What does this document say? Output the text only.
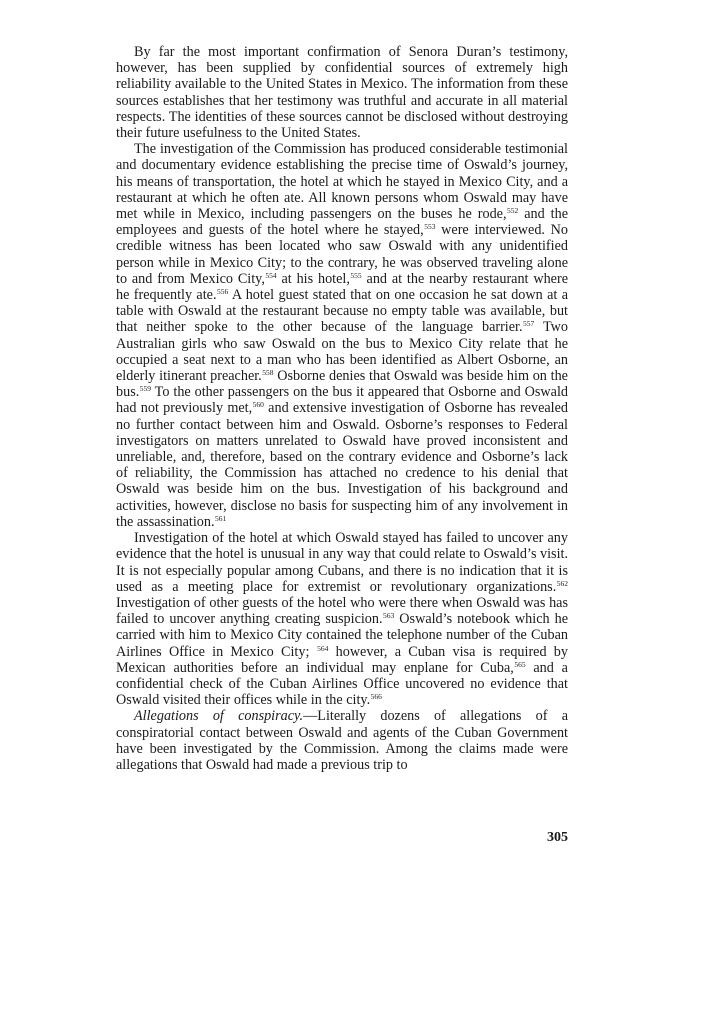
By far the most important confirmation of Senora Duran’s testimony, however, has been supplied by confidential sources of extremely high reliability available to the United States in Mexico. The information from these sources establishes that her testimony was truthful and accurate in all material respects. The identities of these sources cannot be disclosed without destroying their future usefulness to the United States.

The investigation of the Commission has produced considerable testimonial and documentary evidence establishing the precise time of Oswald’s journey, his means of transportation, the hotel at which he stayed in Mexico City, and a restaurant at which he often ate. All known persons whom Oswald may have met while in Mexico, including passengers on the buses he rode,$^{552}$ and the employees and guests of the hotel where he stayed,$^{553}$ were interviewed. No credible witness has been located who saw Oswald with any unidentified person while in Mexico City; to the contrary, he was observed traveling alone to and from Mexico City,$^{554}$ at his hotel,$^{555}$ and at the nearby restaurant where he frequently ate.$^{556}$ A hotel guest stated that on one occasion he sat down at a table with Oswald at the restaurant because no empty table was available, but that neither spoke to the other because of the language barrier.$^{557}$ Two Australian girls who saw Oswald on the bus to Mexico City relate that he occupied a seat next to a man who has been identified as Albert Osborne, an elderly itinerant preacher.$^{558}$ Osborne denies that Oswald was beside him on the bus.$^{559}$ To the other passengers on the bus it appeared that Osborne and Oswald had not previously met,$^{560}$ and extensive investigation of Osborne has revealed no further contact between him and Oswald. Osborne’s responses to Federal investigators on matters unrelated to Oswald have proved inconsistent and unreliable, and, therefore, based on the contrary evidence and Osborne’s lack of reliability, the Commission has attached no credence to his denial that Oswald was beside him on the bus. Investigation of his background and activities, however, disclose no basis for suspecting him of any involvement in the assassination.$^{561}$

Investigation of the hotel at which Oswald stayed has failed to uncover any evidence that the hotel is unusual in any way that could relate to Oswald’s visit. It is not especially popular among Cubans, and there is no indication that it is used as a meeting place for extremist or revolutionary organizations.$^{562}$ Investigation of other guests of the hotel who were there when Oswald was has failed to uncover anything creating suspicion.$^{563}$ Oswald’s notebook which he carried with him to Mexico City contained the telephone number of the Cuban Airlines Office in Mexico City; $^{564}$ however, a Cuban visa is required by Mexican authorities before an individual may enplane for Cuba,$^{565}$ and a confidential check of the Cuban Airlines Office uncovered no evidence that Oswald visited their offices while in the city.$^{566}$

Allegations of conspiracy.—Literally dozens of allegations of a conspiratorial contact between Oswald and agents of the Cuban Government have been investigated by the Commission. Among the claims made were allegations that Oswald had made a previous trip to

305
